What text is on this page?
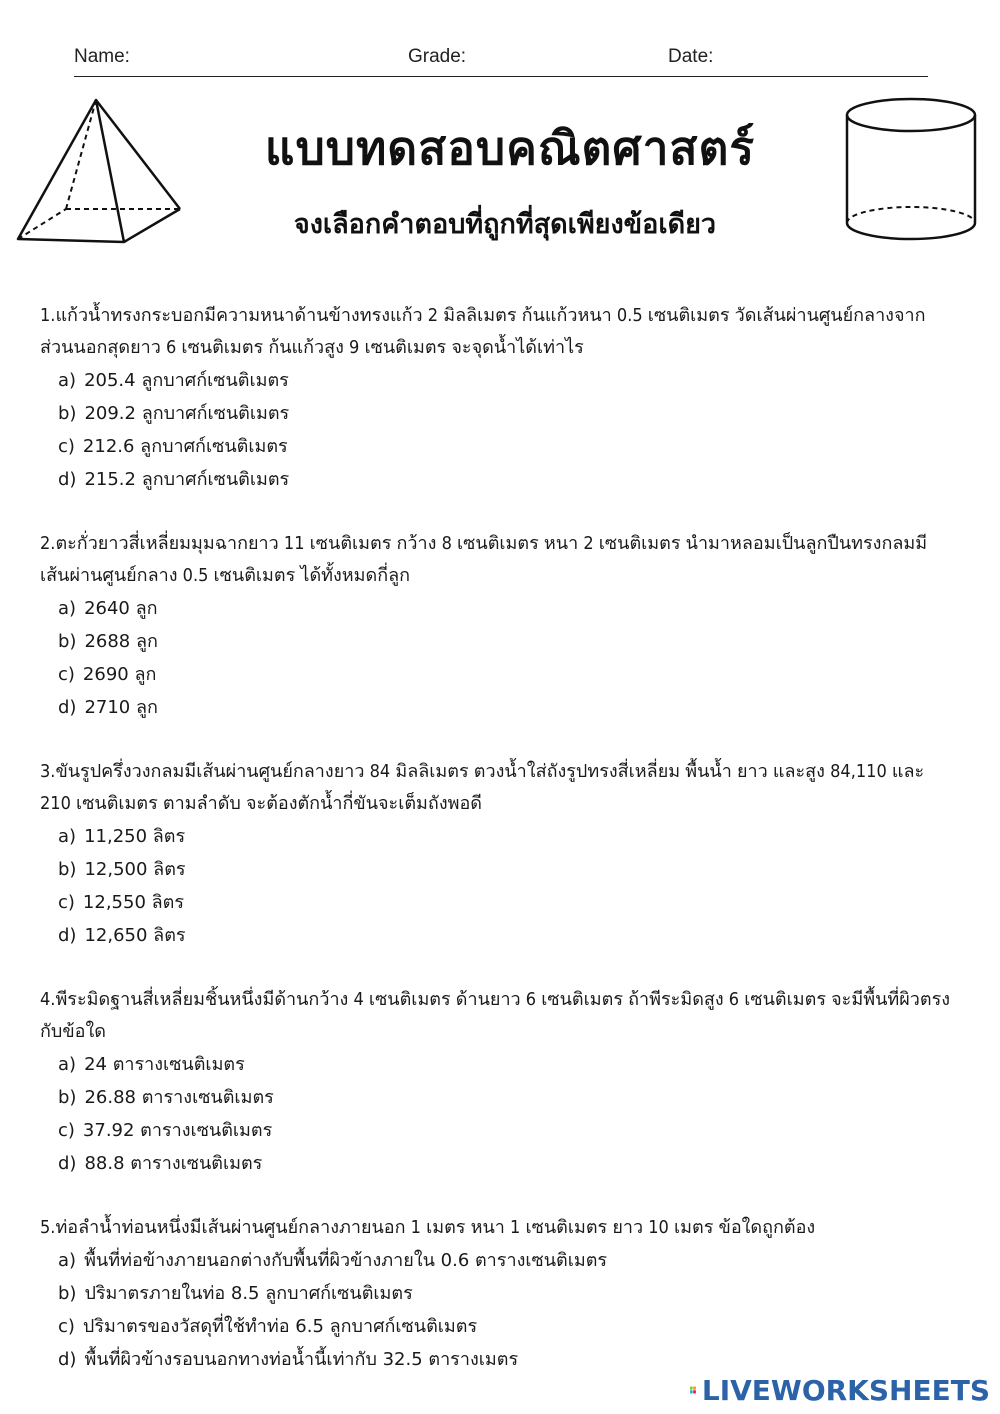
Name:	Grade:	Date:
แบบทดสอบคณิตศาสตร์
จงเลือกคำตอบที่ถูกที่สุดเพียงข้อเดียว
1.แก้วน้ำทรงกระบอกมีความหนาด้านข้างทรงแก้ว 2 มิลลิเมตร ก้นแก้วหนา 0.5 เซนติเมตร วัดเส้นผ่านศูนย์กลางจากส่วนนอกสุดยาว 6 เซนติเมตร ก้นแก้วสูง 9 เซนติเมตร จะจุดน้ำได้เท่าไร
a) 205.4 ลูกบาศก์เซนติเมตร
b) 209.2 ลูกบาศก์เซนติเมตร
c) 212.6 ลูกบาศก์เซนติเมตร
d) 215.2 ลูกบาศก์เซนติเมตร
2.ตะกั่วยาวสี่เหลี่ยมมุมฉากยาว 11 เซนติเมตร กว้าง 8 เซนติเมตร หนา 2 เซนติเมตร นำมาหลอมเป็นลูกปืนทรงกลมมีเส้นผ่านศูนย์กลาง 0.5 เซนติเมตร ได้ทั้งหมดกี่ลูก
a) 2640 ลูก
b) 2688 ลูก
c) 2690 ลูก
d) 2710 ลูก
3.ขันรูปครึ่งวงกลมมีเส้นผ่านศูนย์กลางยาว 84 มิลลิเมตร ตวงน้ำใส่ถังรูปทรงสี่เหลี่ยม พื้นน้ำ ยาว และสูง 84,110 และ 210 เซนติเมตร ตามลำดับ จะต้องตักน้ำกี่ขันจะเต็มถังพอดี
a) 11,250 ลิตร
b) 12,500 ลิตร
c) 12,550 ลิตร
d) 12,650 ลิตร
4.พีระมิดฐานสี่เหลี่ยมชิ้นหนึ่งมีด้านกว้าง 4 เซนติเมตร ด้านยาว 6 เซนติเมตร ถ้าพีระมิดสูง 6 เซนติเมตร จะมีพื้นที่ผิวตรงกับข้อใด
a) 24 ตารางเซนติเมตร
b) 26.88 ตารางเซนติเมตร
c) 37.92 ตารางเซนติเมตร
d) 88.8 ตารางเซนติเมตร
5.ท่อลำน้ำท่อนหนึ่งมีเส้นผ่านศูนย์กลางภายนอก 1 เมตร หนา 1 เซนติเมตร ยาว 10 เมตร ข้อใดถูกต้อง
a) พื้นที่ท่อข้างภายนอกต่างกับพื้นที่ผิวข้างภายใน 0.6 ตารางเซนติเมตร
b) ปริมาตรภายในท่อ 8.5 ลูกบาศก์เซนติเมตร
c) ปริมาตรของวัสดุที่ใช้ทำท่อ 6.5 ลูกบาศก์เซนติเมตร
d) พื้นที่ผิวข้างรอบนอกทางท่อน้ำนี้เท่ากับ 32.5 ตารางเมตร
LIVEWORKSHEETS
